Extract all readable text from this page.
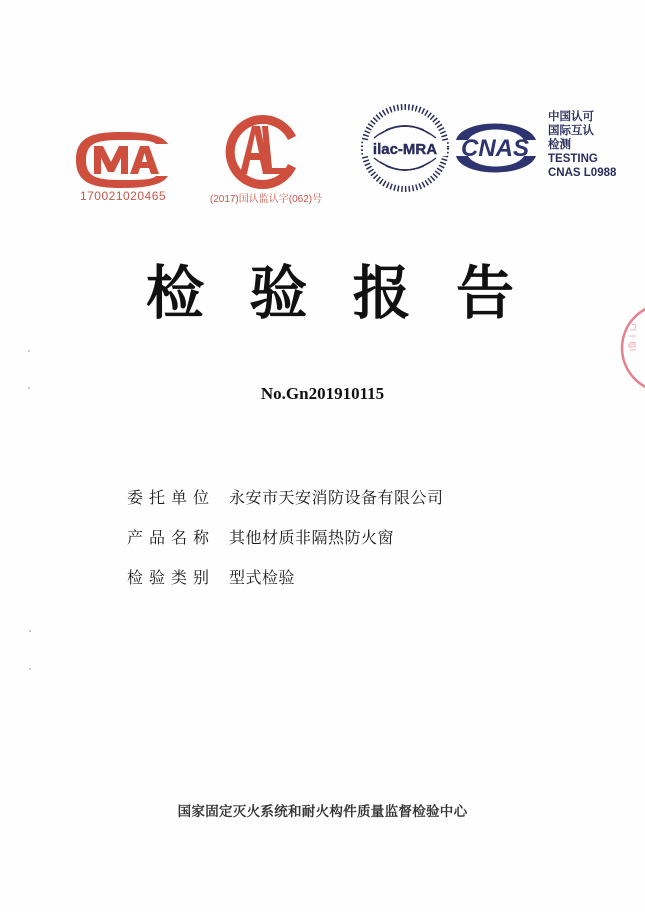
170021020465	(2017)国认监认字(062)号
ilac-MRA CNAS
中国认可
国际互认
检测
TESTING
CNAS L0988
检 验 报 告
No.Gn201910115
委托单位 永安市天安消防设备有限公司
产品名称 其他材质非隔热防火窗
检验类别 型式检验
国家固定灭火系统和耐火构件质量监督检验中心
